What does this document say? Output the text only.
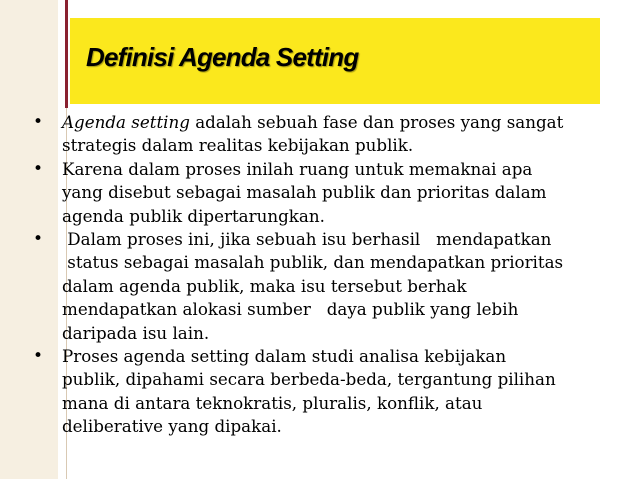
Definisi Agenda Setting
• Agenda setting adalah sebuah fase dan proses yang sangat
strategis dalam realitas kebijakan publik.
• Karena dalam proses inilah ruang untuk memaknai apa
yang disebut sebagai masalah publik dan prioritas dalam
agenda publik dipertarungkan.
• Dalam proses ini, jika sebuah isu berhasil   mendapatkan
status sebagai masalah publik, dan mendapatkan prioritas
dalam agenda publik, maka isu tersebut berhak
mendapatkan alokasi sumber   daya publik yang lebih
daripada isu lain.
• Proses agenda setting dalam studi analisa kebijakan
publik, dipahami secara berbeda-beda, tergantung pilihan
mana di antara teknokratis, pluralis, konflik, atau
deliberative yang dipakai.
